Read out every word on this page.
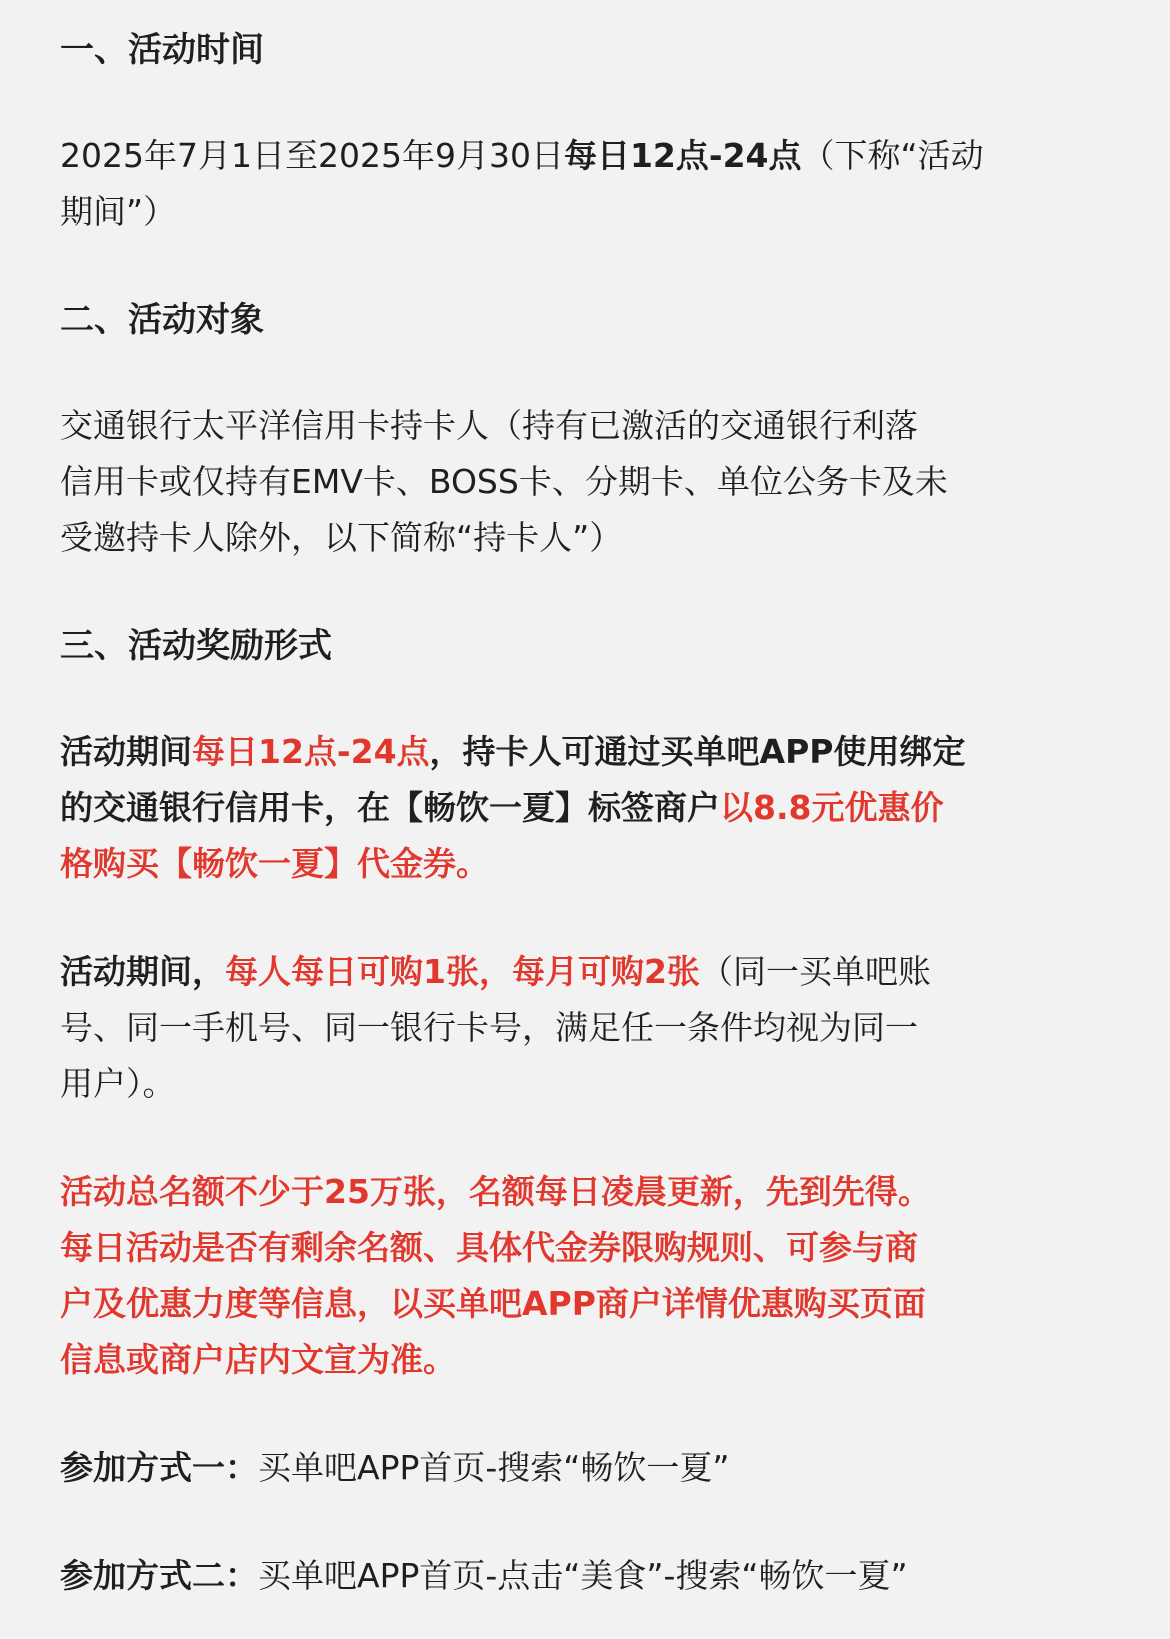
一、活动时间

2025年7月1日至2025年9月30日每日12点-24点（下称“活动
期间”）

二、活动对象

交通银行太平洋信用卡持卡人（持有已激活的交通银行利落
信用卡或仅持有EMV卡、BOSS卡、分期卡、单位公务卡及未
受邀持卡人除外，以下简称“持卡人”）

三、活动奖励形式

活动期间每日12点-24点，持卡人可通过买单吧APP使用绑定
的交通银行信用卡，在【畅饮一夏】标签商户以8.8元优惠价
格购买【畅饮一夏】代金券。

活动期间，每人每日可购1张，每月可购2张（同一买单吧账
号、同一手机号、同一银行卡号，满足任一条件均视为同一
用户）。

活动总名额不少于25万张，名额每日凌晨更新，先到先得。
每日活动是否有剩余名额、具体代金券限购规则、可参与商
户及优惠力度等信息，以买单吧APP商户详情优惠购买页面
信息或商户店内文宣为准。

参加方式一：买单吧APP首页-搜索“畅饮一夏”

参加方式二：买单吧APP首页-点击“美食”-搜索“畅饮一夏”
